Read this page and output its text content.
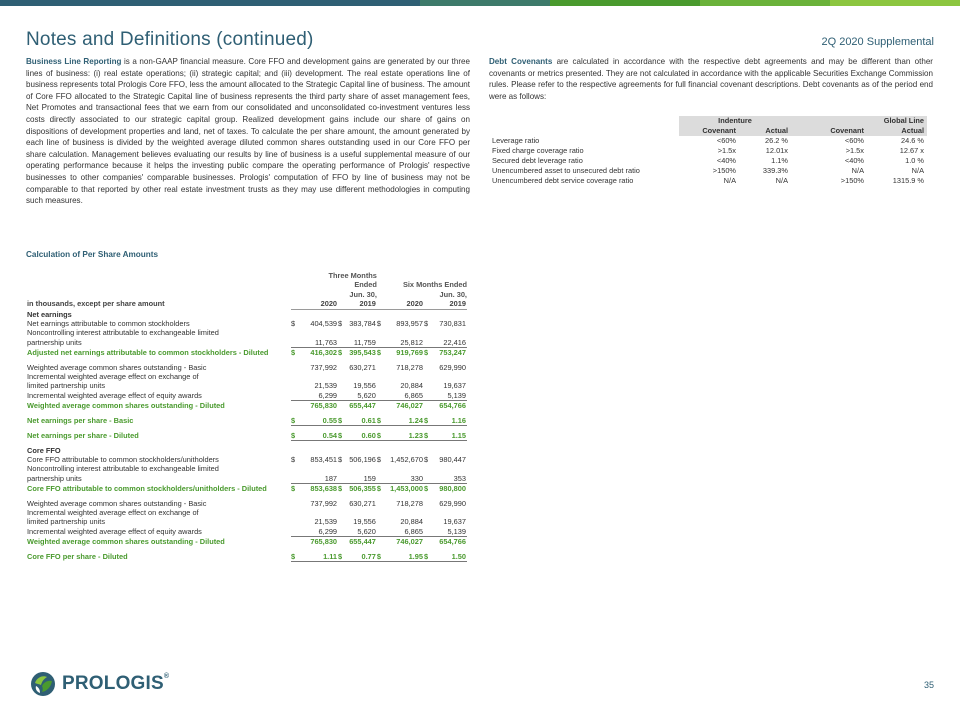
Notes and Definitions (continued)	2Q 2020 Supplemental

Business Line Reporting is a non-GAAP financial measure. Core FFO and development gains are generated by our three lines of business: (i) real estate operations; (ii) strategic capital; and (iii) development. The real estate operations line of business represents total Prologis Core FFO, less the amount allocated to the Strategic Capital line of business. The amount of Core FFO allocated to the Strategic Capital line of business represents the third party share of asset management fees, Net Promotes and transactional fees that we earn from our consolidated and unconsolidated co-investment ventures less costs directly associated to our strategic capital group. Realized development gains include our share of gains on dispositions of development properties and land, net of taxes. To calculate the per share amount, the amount generated by each line of business is divided by the weighted average diluted common shares outstanding used in our Core FFO per share calculation. Management believes evaluating our results by line of business is a useful supplemental measure of our operating performance because it helps the investing public compare the operating performance of Prologis' respective businesses to other companies' comparable businesses. Prologis' computation of FFO by line of business may not be comparable to that reported by other real estate investment trusts as they may use different methodologies in computing such measures.

Debt Covenants are calculated in accordance with the respective debt agreements and may be different than other covenants or metrics presented. They are not calculated in accordance with the applicable Securities Exchange Commission rules. Please refer to the respective agreements for full financial covenant descriptions. Debt covenants as of the period end were as follows:

	Indenture		Global Line	
	Covenant	Actual	Covenant	Actual
Leverage ratio	<60%	26.2 %	<60%	24.6 %
Fixed charge coverage ratio	>1.5x	12.01x	>1.5x	12.67 x
Secured debt leverage ratio	<40%	1.1%	<40%	1.0 %
Unencumbered asset to unsecured debt ratio	>150%	339.3%	N/A	N/A
Unencumbered debt service coverage ratio	N/A	N/A	>150%	1315.9 %
Calculation of Per Share Amounts
	Three Months							
	Ended				Six Months Ended			
	Jun. 30,				Jun. 30,			
in thousands, except per share amount	2020		2019		2020		2019	
Net earnings								
Net earnings attributable to common stockholders	$	404,539	$	383,784	$	893,957	$	730,831
Noncontrolling interest attributable to exchangeable limited								
partnership units		11,763		11,759		25,812		22,416
Adjusted net earnings attributable to common stockholders - Diluted	$	416,302	$	395,543	$	919,769	$	753,247

Weighted average common shares outstanding - Basic		737,992		630,271		718,278		629,990
Incremental weighted average effect on exchange of								
limited partnership units		21,539		19,556		20,884		19,637
Incremental weighted average effect of equity awards		6,299		5,620		6,865		5,139
Weighted average common shares outstanding - Diluted		765,830		655,447		746,027		654,766

Net earnings per share - Basic	$	0.55	$	0.61	$	1.24	$	1.16

Net earnings per share - Diluted	$	0.54	$	0.60	$	1.23	$	1.15

Core FFO								
Core FFO attributable to common stockholders/unitholders	$	853,451	$	506,196	$	1,452,670	$	980,447
Noncontrolling interest attributable to exchangeable limited								
partnership units		187		159		330		353
Core FFO attributable to common stockholders/unitholders - Diluted	$	853,638	$	506,355	$	1,453,000	$	980,800

Weighted average common shares outstanding - Basic		737,992		630,271		718,278		629,990
Incremental weighted average effect on exchange of								
limited partnership units		21,539		19,556		20,884		19,637
Incremental weighted average effect of equity awards		6,299		5,620		6,865		5,139
Weighted average common shares outstanding - Diluted		765,830		655,447		746,027		654,766

Core FFO per share - Diluted	$	1.11	$	0.77	$	1.95	$	1.50
PROLOGIS®
35
